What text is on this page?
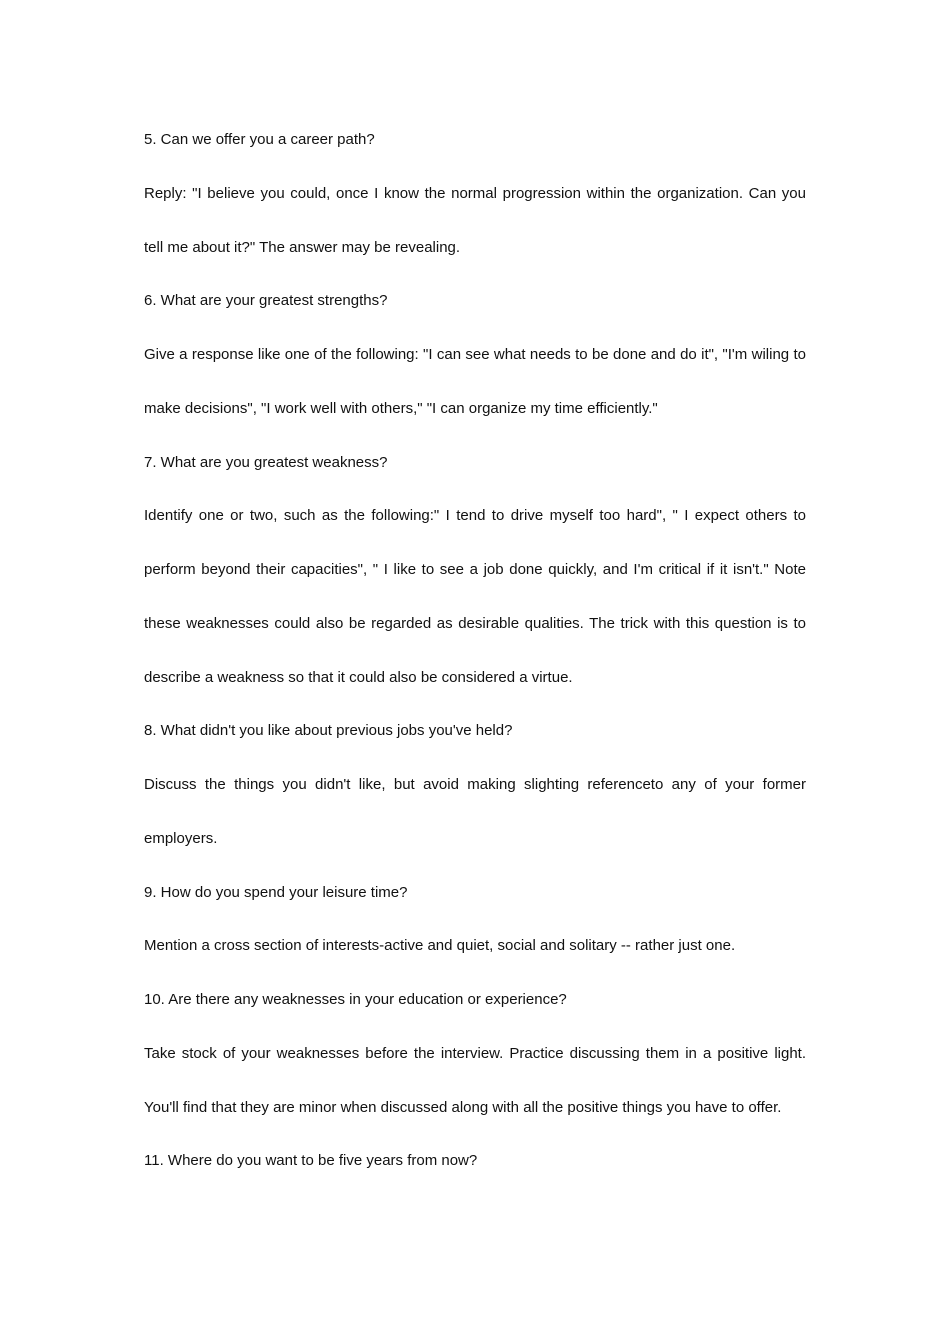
5. Can we offer you a career path?

Reply: "I believe you could, once I know the normal progression within the organization. Can you tell me about it?" The answer may be revealing.

6. What are your greatest strengths?

Give a response like one of the following: "I can see what needs to be done and do it", "I'm wiling to make decisions", "I work well with others," "I can organize my time efficiently."

7. What are you greatest weakness?

Identify one or two, such as the following:" I tend to drive myself too hard", " I expect others to perform beyond their capacities", " I like to see a job done quickly, and I'm critical if it isn't." Note these weaknesses could also be regarded as desirable qualities. The trick with this question is to describe a weakness so that it could also be considered a virtue.

8. What didn't you like about previous jobs you've held?

Discuss the things you didn't like, but avoid making slighting referenceto any of your former employers.

9. How do you spend your leisure time?

Mention a cross section of interests-active and quiet, social and solitary -- rather just one.

10. Are there any weaknesses in your education or experience?

Take stock of your weaknesses before the interview. Practice discussing them in a positive light. You'll find that they are minor when discussed along with all the positive things you have to offer.

11. Where do you want to be five years from now?
